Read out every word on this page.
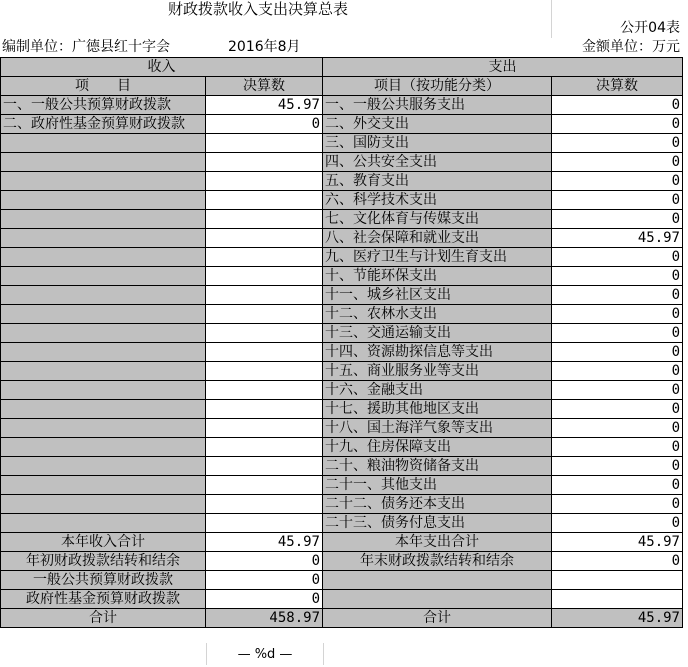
财政拨款收入支出决算总表
公开04表
编制单位：广德县红十字会	2016年8月	金额单位：万元
收入		支出	
项　　目	决算数	项目（按功能分类）	决算数
一、一般公共预算财政拨款	45.97	一、一般公共服务支出	0
二、政府性基金预算财政拨款	0	二、外交支出	0
		三、国防支出	0
		四、公共安全支出	0
		五、教育支出	0
		六、科学技术支出	0
		七、文化体育与传媒支出	0
		八、社会保障和就业支出	45.97
		九、医疗卫生与计划生育支出	0
		十、节能环保支出	0
		十一、城乡社区支出	0
		十二、农林水支出	0
		十三、交通运输支出	0
		十四、资源勘探信息等支出	0
		十五、商业服务业等支出	0
		十六、金融支出	0
		十七、援助其他地区支出	0
		十八、国土海洋气象等支出	0
		十九、住房保障支出	0
		二十、粮油物资储备支出	0
		二十一、其他支出	0
		二十二、债务还本支出	0
		二十三、债务付息支出	0
本年收入合计	45.97	本年支出合计	45.97
年初财政拨款结转和结余	0	年末财政拨款结转和结余	0
一般公共预算财政拨款	0		
政府性基金预算财政拨款	0		
合计	458.97	合计	45.97
— %d —
